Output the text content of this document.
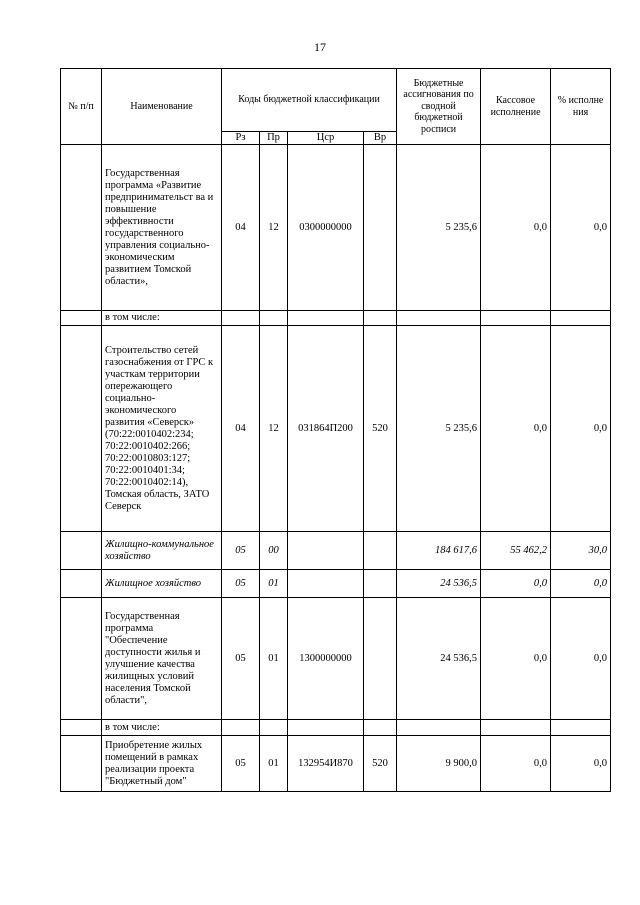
17
№ п/п	Наименование	Коды бюджетной классификации				Бюджетные ассигнования по сводной бюджетной росписи	Кассовое исполнение	% исполне ния
		Рз	Пр	Цср	Вр			
	Государственная программа «Развитие предпринимательст ва и повышение эффективности государственного управления социально-экономическим развитием Томской области»,	04	12	0300000000		5 235,6	0,0	0,0
	в том числе:							
	Строительство сетей газоснабжения от ГРС к участкам территории опережающего социально-экономического развития «Северск» (70:22:0010402:234; 70:22:0010402:266; 70:22:0010803:127; 70:22:0010401:34; 70:22:0010402:14), Томская область, ЗАТО Северск	04	12	031864П200	520	5 235,6	0,0	0,0
	Жилищно-коммунальное хозяйство	05	00			184 617,6	55 462,2	30,0
	Жилищное хозяйство	05	01			24 536,5	0,0	0,0
	Государственная программа "Обеспечение доступности жилья и улучшение качества жилищных условий населения Томской области",	05	01	1300000000		24 536,5	0,0	0,0
	в том числе:							
	Приобретение жилых помещений в рамках реализации проекта "Бюджетный дом"	05	01	132954И870	520	9 900,0	0,0	0,0
